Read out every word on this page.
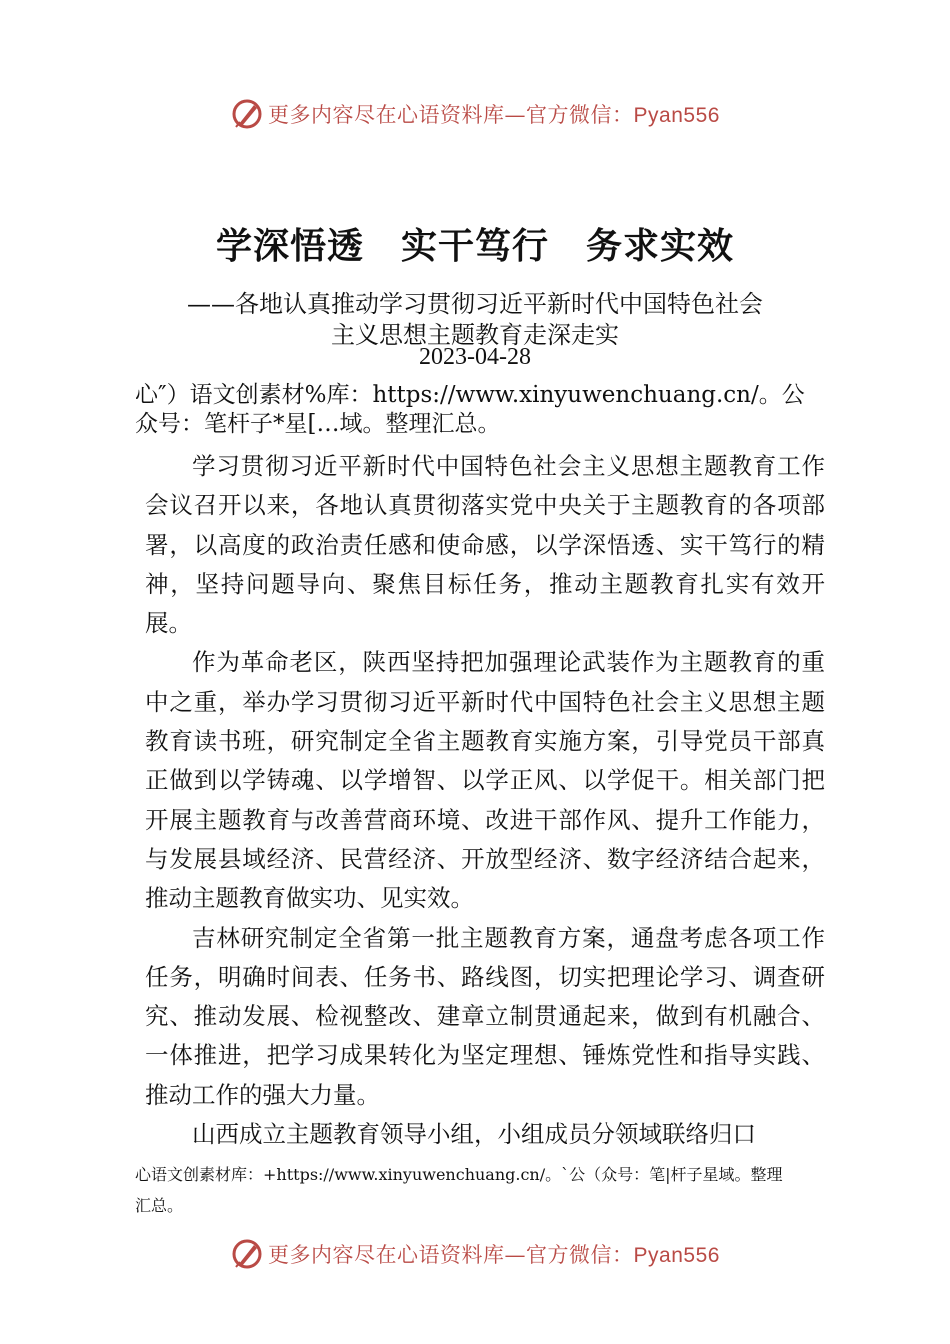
更多内容尽在心语资料库—官方微信：Pyan556
学深悟透　实干笃行　务求实效
——各地认真推动学习贯彻习近平新时代中国特色社会
主义思想主题教育走深走实
2023-04-28
心″）语文创素材%库：https://www.xinyuwenchuang.cn/。公
众号：笔杆子*星[…域。整理汇总。

学习贯彻习近平新时代中国特色社会主义思想主题教育工作会议召开以来，各地认真贯彻落实党中央关于主题教育的各项部署，以高度的政治责任感和使命感，以学深悟透、实干笃行的精神，坚持问题导向、聚焦目标任务，推动主题教育扎实有效开展。

作为革命老区，陕西坚持把加强理论武装作为主题教育的重中之重，举办学习贯彻习近平新时代中国特色社会主义思想主题教育读书班，研究制定全省主题教育实施方案，引导党员干部真正做到以学铸魂、以学增智、以学正风、以学促干。相关部门把开展主题教育与改善营商环境、改进干部作风、提升工作能力，与发展县域经济、民营经济、开放型经济、数字经济结合起来，推动主题教育做实功、见实效。

吉林研究制定全省第一批主题教育方案，通盘考虑各项工作任务，明确时间表、任务书、路线图，切实把理论学习、调查研究、推动发展、检视整改、建章立制贯通起来，做到有机融合、一体推进，把学习成果转化为坚定理想、锤炼党性和指导实践、推动工作的强大力量。

山西成立主题教育领导小组，小组成员分领域联络归口

心语文创素材库：+https://www.xinyuwenchuang.cn/。`公（众号：笔|杆子星域。整理
汇总。
更多内容尽在心语资料库—官方微信：Pyan556
